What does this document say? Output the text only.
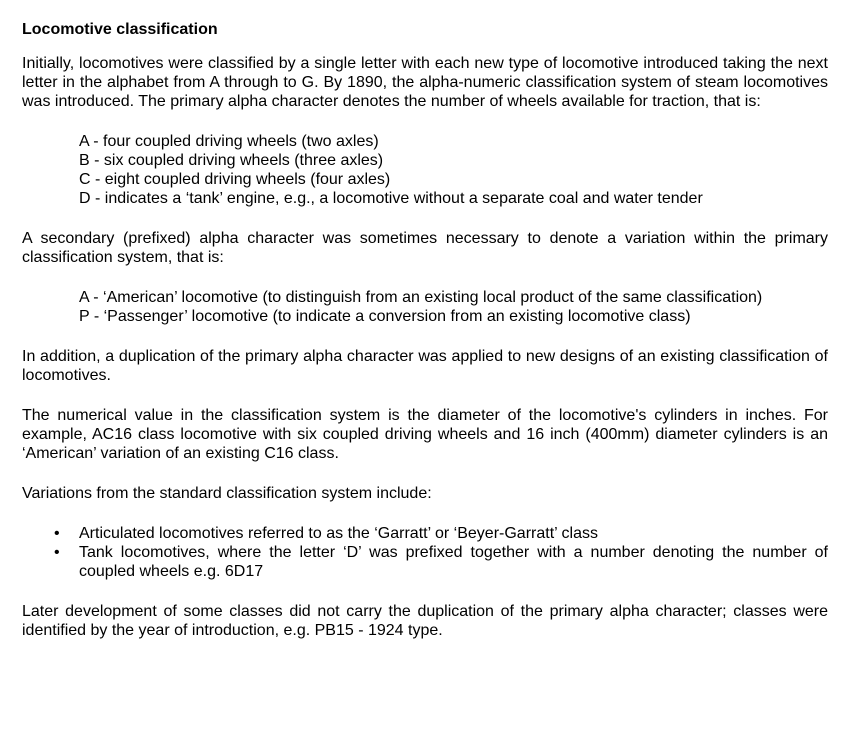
Locomotive classification

Initially, locomotives were classified by a single letter with each new type of locomotive introduced taking the next letter in the alphabet from A through to G. By 1890, the alpha-numeric classification system of steam locomotives was introduced. The primary alpha character denotes the number of wheels available for traction, that is:

A - four coupled driving wheels (two axles)
B - six coupled driving wheels (three axles)
C - eight coupled driving wheels (four axles)
D - indicates a ‘tank’ engine, e.g., a locomotive without a separate coal and water tender

A secondary (prefixed) alpha character was sometimes necessary to denote a variation within the primary classification system, that is:

A - ‘American’ locomotive (to distinguish from an existing local product of the same classification)
P - ‘Passenger’ locomotive (to indicate a conversion from an existing locomotive class)

In addition, a duplication of the primary alpha character was applied to new designs of an existing classification of locomotives.

The numerical value in the classification system is the diameter of the locomotive's cylinders in inches. For example, AC16 class locomotive with six coupled driving wheels and 16 inch (400mm) diameter cylinders is an ‘American’ variation of an existing C16 class.

Variations from the standard classification system include:

• Articulated locomotives referred to as the ‘Garratt’ or ‘Beyer-Garratt’ class
• Tank locomotives, where the letter ‘D’ was prefixed together with a number denoting the number of coupled wheels e.g. 6D17

Later development of some classes did not carry the duplication of the primary alpha character; classes were identified by the year of introduction, e.g. PB15 - 1924 type.
